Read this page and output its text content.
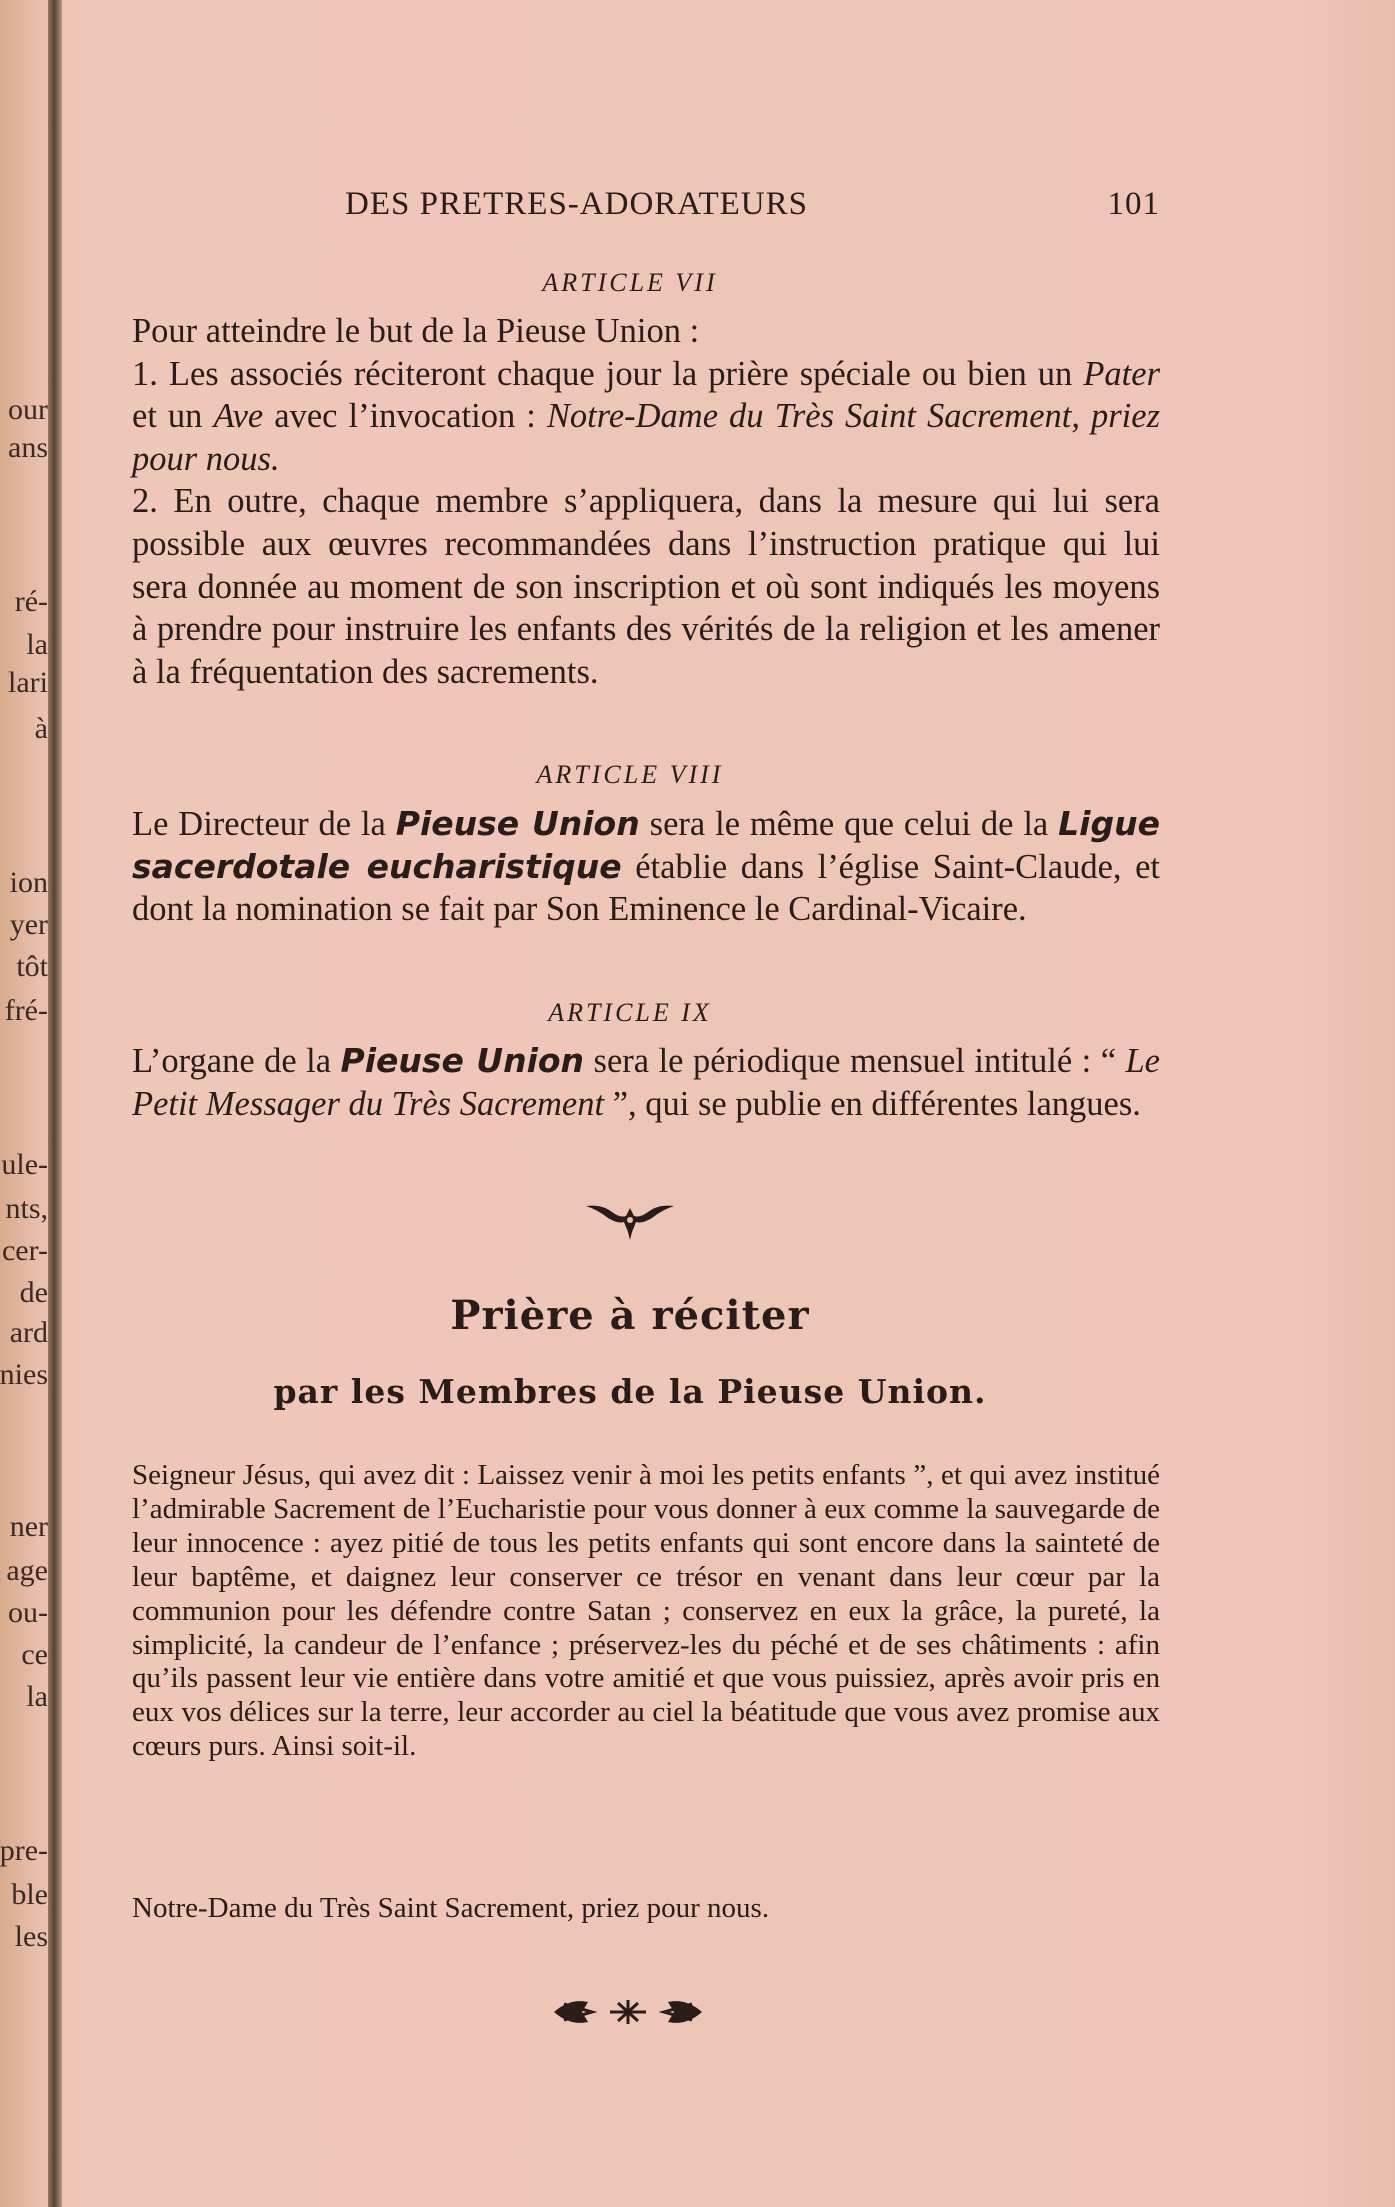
our
ans
ré-
la
lari
à
ion
yer
tôt
fré-
ule-
nts,
cer-
de
ard
nies
ner
age
ou-
ce
la
pre-
ble
les
DES PRETRES-ADORATEURS	101
ARTICLE VII

Pour atteindre le but de la Pieuse Union :

1. Les associés réciteront chaque jour la prière spéciale ou bien un Pater et un Ave avec l’invocation : Notre-Dame du Très Saint Sacrement, priez pour nous.

2. En outre, chaque membre s’appliquera, dans la mesure qui lui sera possible aux œuvres recommandées dans l’instruction pratique qui lui sera donnée au moment de son inscription et où sont indiqués les moyens à prendre pour instruire les enfants des vérités de la religion et les amener à la fréquentation des sacrements.

ARTICLE VIII

Le Directeur de la Pieuse Union sera le même que celui de la Ligue sacerdotale eucharistique établie dans l’église Saint-Claude, et dont la nomination se fait par Son Eminence le Cardinal-Vicaire.

ARTICLE IX

L’organe de la Pieuse Union sera le périodique mensuel intitulé : “ Le Petit Messager du Très Sacrement ”, qui se publie en différentes langues.

Prière à réciter
par les Membres de la Pieuse Union.

Seigneur Jésus, qui avez dit : Laissez venir à moi les petits enfants ”, et qui avez institué l’admirable Sacrement de l’Eucharistie pour vous donner à eux comme la sauvegarde de leur innocence : ayez pitié de tous les petits enfants qui sont encore dans la sainteté de leur baptême, et daignez leur conserver ce trésor en venant dans leur cœur par la communion pour les défendre contre Satan ; conservez en eux la grâce, la pureté, la simplicité, la candeur de l’enfance ; préservez-les du péché et de ses châtiments : afin qu’ils passent leur vie entière dans votre amitié et que vous puissiez, après avoir pris en eux vos délices sur la terre, leur accorder au ciel la béatitude que vous avez promise aux cœurs purs. Ainsi soit-il.

Notre-Dame du Très Saint Sacrement, priez pour nous.
